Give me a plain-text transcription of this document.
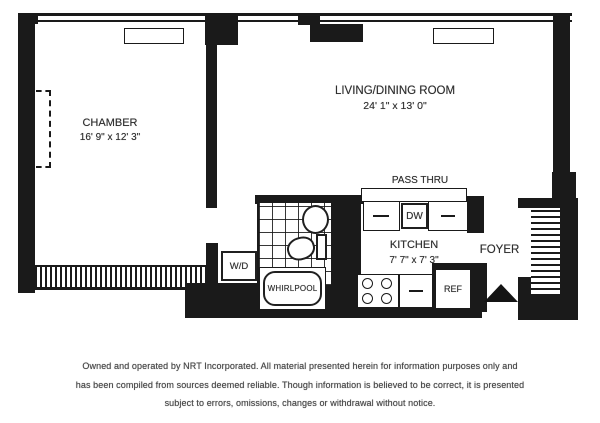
DW
REF
WHIRLPOOL
W/D
CHAMBER
16' 9" x 12' 3"
LIVING/DINING ROOM
24' 1" x 13' 0"
PASS THRU
KITCHEN
7' 7" x 7' 3"
FOYER
Owned and operated by NRT Incorporated. All material presented herein for information purposes only and
has been compiled from sources deemed reliable. Though information is believed to be correct, it is presented
subject to errors, omissions, changes or withdrawal without notice.
